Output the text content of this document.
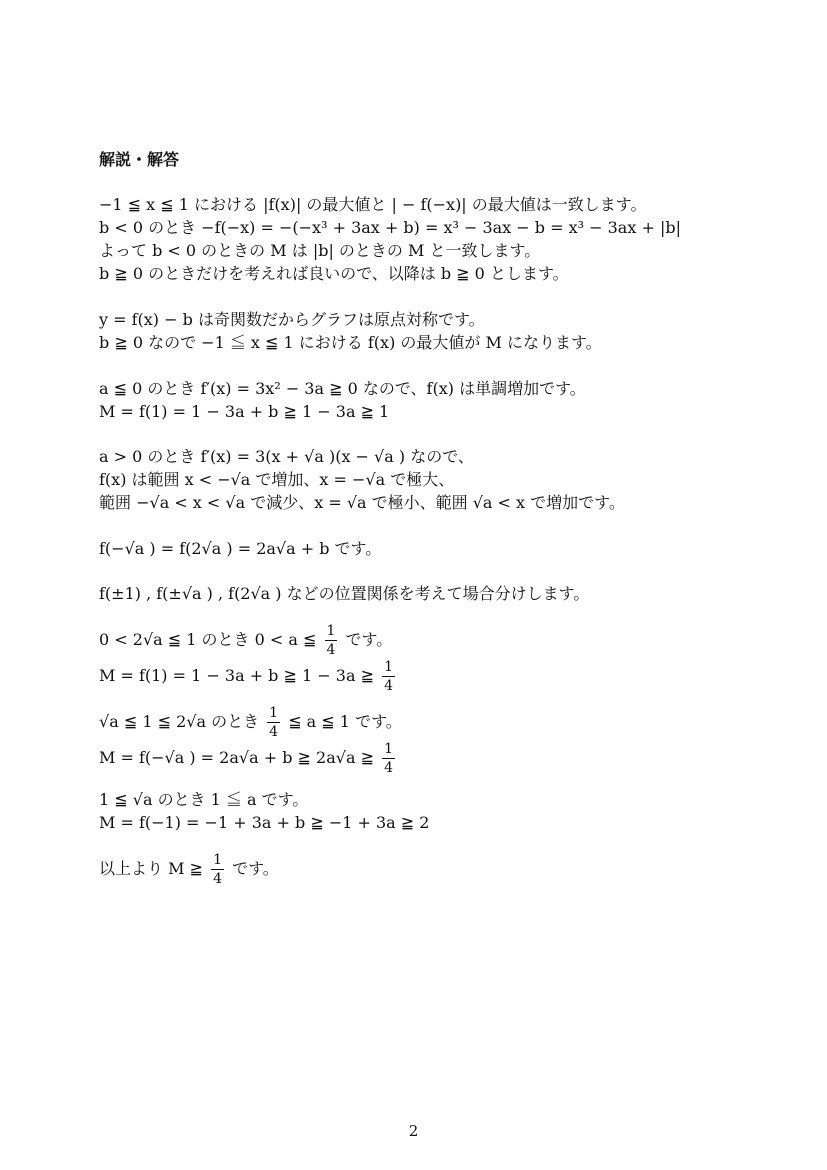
解説・解答
−1 ≦ x ≦ 1 における |f(x)| の最大値と | − f(−x)| の最大値は一致します。
b < 0 のとき −f(−x) = −(−x³ + 3ax + b) = x³ − 3ax − b = x³ − 3ax + |b|
よって b < 0 のときの M は |b| のときの M と一致します。
b ≧ 0 のときだけを考えれば良いので、以降は b ≧ 0 とします。
y = f(x) − b は奇関数だからグラフは原点対称です。
b ≧ 0 なので −1 ≦ x ≦ 1 における f(x) の最大値が M になります。
a ≦ 0 のとき f′(x) = 3x² − 3a ≧ 0 なので、f(x) は単調増加です。
M = f(1) = 1 − 3a + b ≧ 1 − 3a ≧ 1
a > 0 のとき f′(x) = 3(x + √a )(x − √a ) なので、
f(x) は範囲 x < −√a で増加、x = −√a で極大、
範囲 −√a < x < √a で減少、x = √a で極小、範囲 √a < x で増加です。
f(−√a ) = f(2√a ) = 2a√a + b です。
f(±1) , f(±√a ) , f(2√a ) などの位置関係を考えて場合分けします。
0 < 2√a ≦ 1 のとき 0 < a ≦ $\frac{1}{4}$ です。
M = f(1) = 1 − 3a + b ≧ 1 − 3a ≧ $\frac{1}{4}$
√a ≦ 1 ≦ 2√a のとき $\frac{1}{4}$ ≦ a ≦ 1 です。
M = f(−√a ) = 2a√a + b ≧ 2a√a ≧ $\frac{1}{4}$
1 ≦ √a のとき 1 ≦ a です。
M = f(−1) = −1 + 3a + b ≧ −1 + 3a ≧ 2
以上より M ≧ $\frac{1}{4}$ です。
2
